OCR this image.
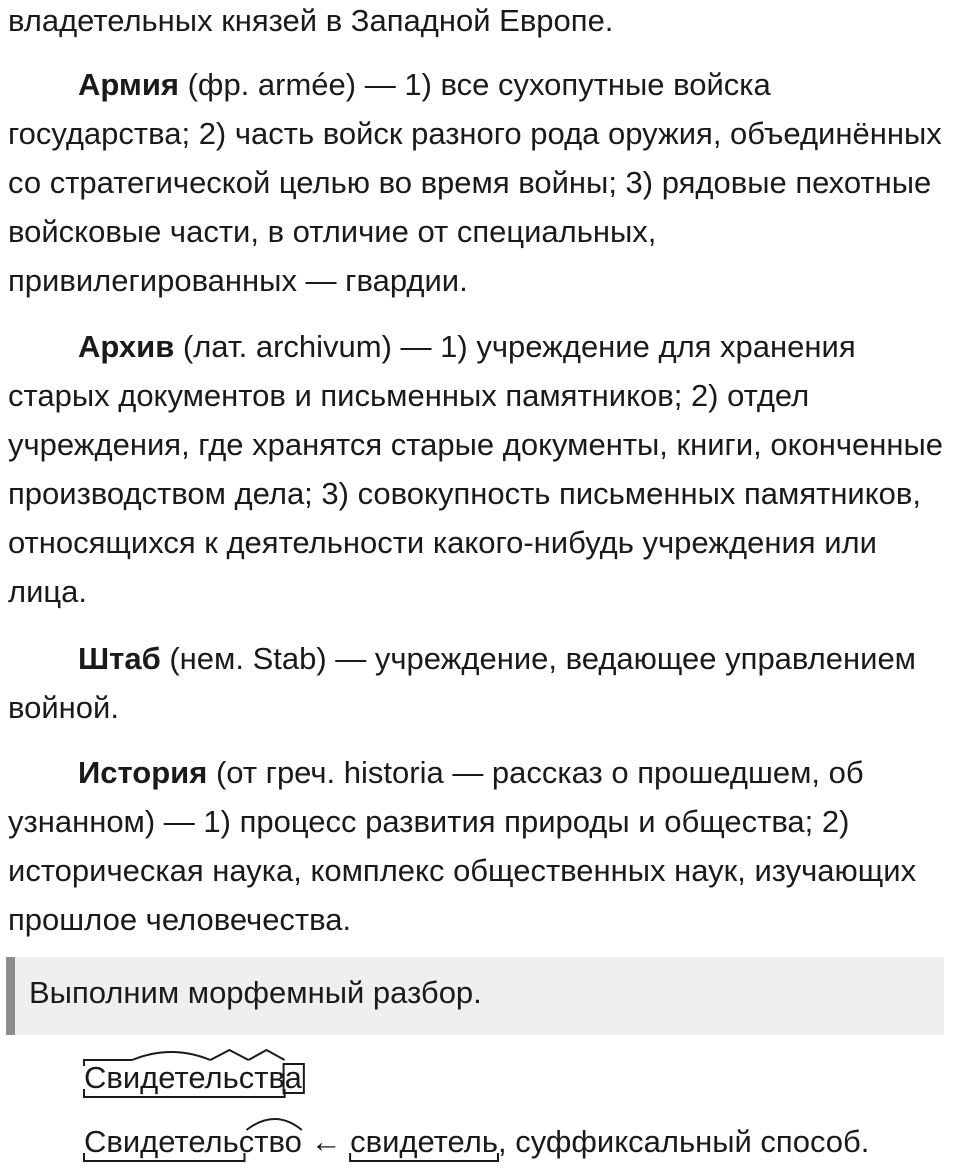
владетельных князей в Западной Европе.

Армия (фр. armée) — 1) все сухопутные войска государства; 2) часть войск разного рода оружия, объединённых со стратегической целью во время войны; 3) рядовые пехотные войсковые части, в отличие от специальных, привилегированных — гвардии.

Архив (лат. archivum) — 1) учреждение для хранения старых документов и письменных памятников; 2) отдел учреждения, где хранятся старые документы, книги, оконченные производством дела; 3) совокупность письменных памятников, относящихся к деятельности какого-нибудь учреждения или лица.

Штаб (нем. Stab) — учреждение, ведающее управлением войной.

История (от греч. historia — рассказ о прошедшем, об узнанном) — 1) процесс развития природы и общества; 2) историческая наука, комплекс общественных наук, изучающих прошлое человечества.

Выполним морфемный разбор.
Свидетельства
Свидетельство ← свидетель, суффиксальный способ.
